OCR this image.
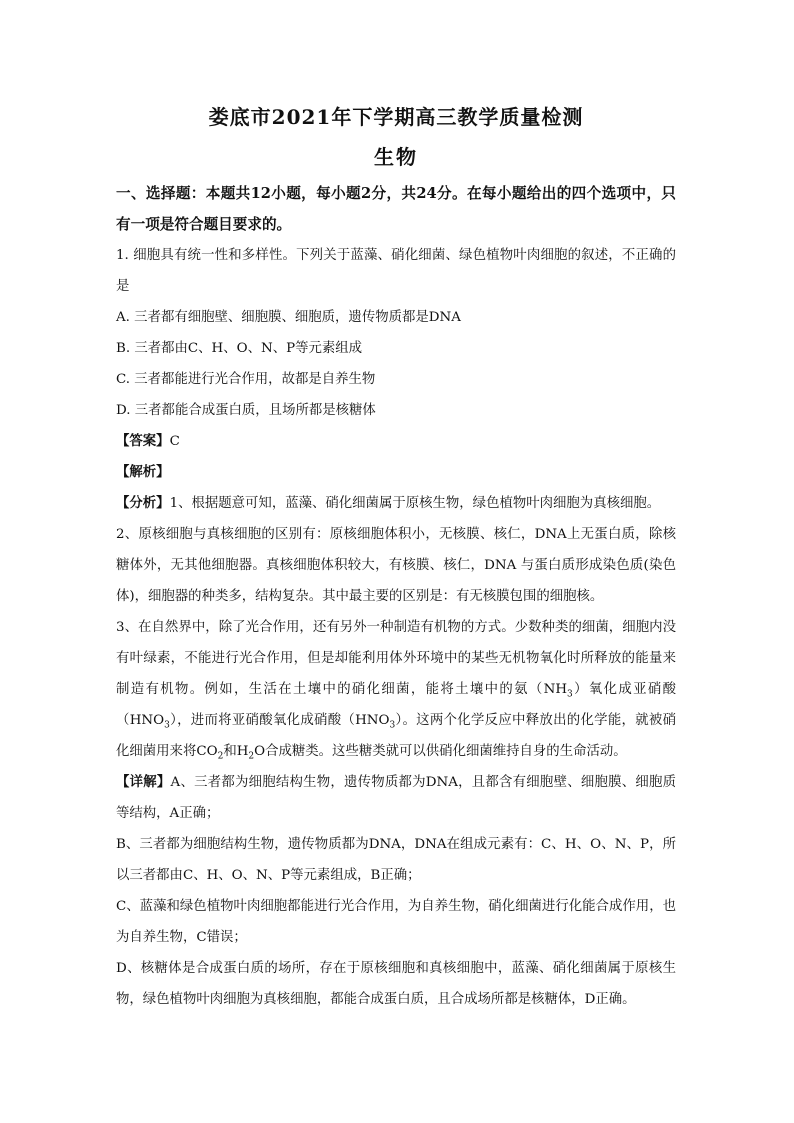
娄底市2021年下学期高三教学质量检测
生物

一、选择题：本题共12小题，每小题2分，共24分。在每小题给出的四个选项中，只有一项是符合题目要求的。

1. 细胞具有统一性和多样性。下列关于蓝藻、硝化细菌、绿色植物叶肉细胞的叙述，不正确的是

A. 三者都有细胞壁、细胞膜、细胞质，遗传物质都是DNA

B. 三者都由C、H、O、N、P等元素组成

C. 三者都能进行光合作用，故都是自养生物

D. 三者都能合成蛋白质，且场所都是核糖体

【答案】C

【解析】

【分析】1、根据题意可知，蓝藻、硝化细菌属于原核生物，绿色植物叶肉细胞为真核细胞。

2、原核细胞与真核细胞的区别有：原核细胞体积小，无核膜、核仁，DNA上无蛋白质，除核糖体外，无其他细胞器。真核细胞体积较大，有核膜、核仁，DNA 与蛋白质形成染色质(染色体)，细胞器的种类多，结构复杂。其中最主要的区别是：有无核膜包围的细胞核。

3、在自然界中，除了光合作用，还有另外一种制造有机物的方式。少数种类的细菌，细胞内没有叶绿素，不能进行光合作用，但是却能利用体外环境中的某些无机物氧化时所释放的能量来制造有机物。例如，生活在土壤中的硝化细菌，能将土壤中的氨$(NH_3)$氧化成亚硝酸$(HNO_3)$，进而将亚硝酸氧化成硝酸$(HNO_3)$。这两个化学反应中释放出的化学能，就被硝化细菌用来将$CO_2$和$H_2O$合成糖类。这些糖类就可以供硝化细菌维持自身的生命活动。

【详解】A、三者都为细胞结构生物，遗传物质都为DNA，且都含有细胞壁、细胞膜、细胞质等结构，A正确；

B、三者都为细胞结构生物，遗传物质都为DNA，DNA在组成元素有：C、H、O、N、P，所以三者都由C、H、O、N、P等元素组成，B正确；

C、蓝藻和绿色植物叶肉细胞都能进行光合作用，为自养生物，硝化细菌进行化能合成作用，也为自养生物，C错误；

D、核糖体是合成蛋白质的场所，存在于原核细胞和真核细胞中，蓝藻、硝化细菌属于原核生物，绿色植物叶肉细胞为真核细胞，都能合成蛋白质，且合成场所都是核糖体，D正确。
